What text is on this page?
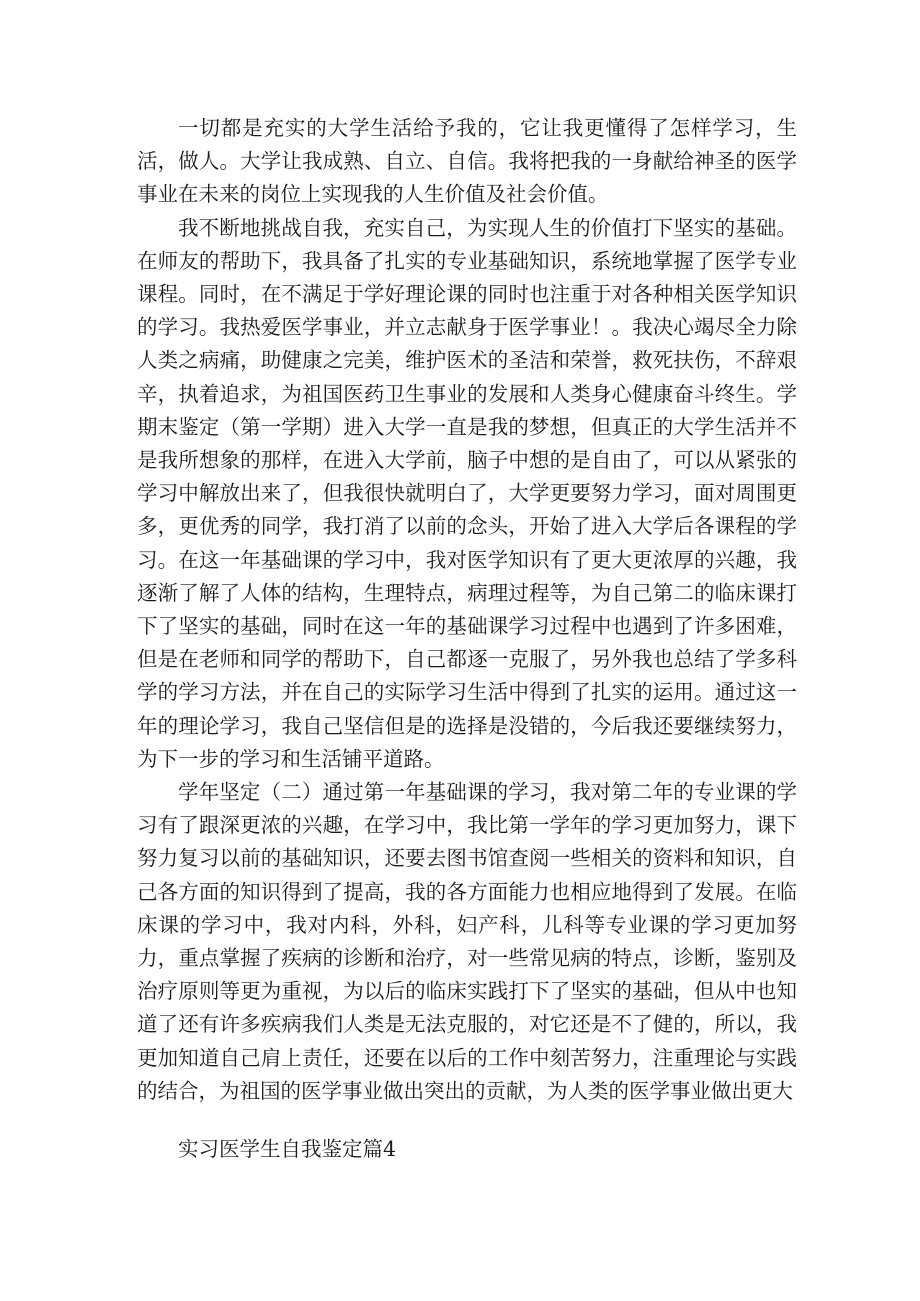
一切都是充实的大学生活给予我的，它让我更懂得了怎样学习，生活，做人。大学让我成熟、自立、自信。我将把我的一身献给神圣的医学事业在未来的岗位上实现我的人生价值及社会价值。

我不断地挑战自我，充实自己，为实现人生的价值打下坚实的基础。在师友的帮助下，我具备了扎实的专业基础知识，系统地掌握了医学专业课程。同时，在不满足于学好理论课的同时也注重于对各种相关医学知识的学习。我热爱医学事业，并立志献身于医学事业！。我决心竭尽全力除人类之病痛，助健康之完美，维护医术的圣洁和荣誉，救死扶伤，不辞艰辛，执着追求，为祖国医药卫生事业的发展和人类身心健康奋斗终生。学期末鉴定（第一学期）进入大学一直是我的梦想，但真正的大学生活并不是我所想象的那样，在进入大学前，脑子中想的是自由了，可以从紧张的学习中解放出来了，但我很快就明白了，大学更要努力学习，面对周围更多，更优秀的同学，我打消了以前的念头，开始了进入大学后各课程的学习。在这一年基础课的学习中，我对医学知识有了更大更浓厚的兴趣，我逐渐了解了人体的结构，生理特点，病理过程等，为自己第二的临床课打下了坚实的基础，同时在这一年的基础课学习过程中也遇到了许多困难，但是在老师和同学的帮助下，自己都逐一克服了，另外我也总结了学多科学的学习方法，并在自己的实际学习生活中得到了扎实的运用。通过这一年的理论学习，我自己坚信但是的选择是没错的，今后我还要继续努力，为下一步的学习和生活铺平道路。

学年坚定（二）通过第一年基础课的学习，我对第二年的专业课的学习有了跟深更浓的兴趣，在学习中，我比第一学年的学习更加努力，课下努力复习以前的基础知识，还要去图书馆查阅一些相关的资料和知识，自己各方面的知识得到了提高，我的各方面能力也相应地得到了发展。在临床课的学习中，我对内科，外科，妇产科，儿科等专业课的学习更加努力，重点掌握了疾病的诊断和治疗，对一些常见病的特点，诊断，鉴别及治疗原则等更为重视，为以后的临床实践打下了坚实的基础，但从中也知道了还有许多疾病我们人类是无法克服的，对它还是不了健的，所以，我更加知道自己肩上责任，还要在以后的工作中刻苦努力，注重理论与实践的结合，为祖国的医学事业做出突出的贡献，为人类的医学事业做出更大

实习医学生自我鉴定篇4
